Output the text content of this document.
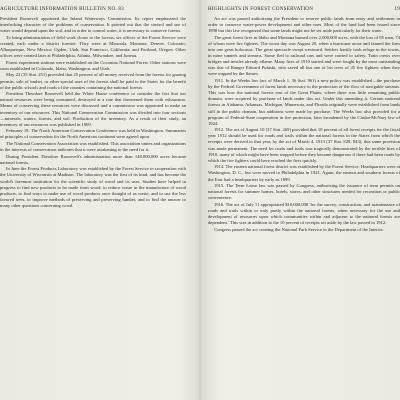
AGRICULTURE INFORMATION BULLETIN NO. 83

President Roosevelt appointed the Inland Waterways Commission. Its report emphasized the interlocking character of the problems of conservation. It pointed out that the control and use of water would depend upon the soil, and in order to control water, it is necessary to conserve forests.

To bring administration of field work closer to the forests, six offices of the Forest Service were created, each under a district forester. They were at Missoula, Montana; Denver, Colorado; Albuquerque, New Mexico; Ogden, Utah; San Francisco, California; and Portland, Oregon. Other offices were created later at Philadelphia, Atlanta, Milwaukee, and Juneau.

Forest experiment stations were established on the Coconino National Forest. Other stations were soon established in Colorado, Idaho, Washington, and Utah.

May 23 (35 Stat. 251) provided that 25 percent of all money received from the forests for grazing permits, sale of timber, or other special uses of the forests shall be paid to the States for the benefit of the public schools and roads of the counties containing the national forests.

President Theodore Roosevelt held the White House conference to consider the fact that our natural resources were being consumed, destroyed at a rate that threatened them with exhaustion. Means of conserving these resources were discussed and a commission was appointed to make an inventory of our resources. This National Conservation Commission was divided into four sections—minerals, waters, forests, and soil. Production of the inventory. As a result of their study, an inventory of our resources was published in 1909.

February 18. The North American Conservation Conference was held in Washington. Summaries of principles of conservation for the North American continent were agreed upon.

The National Conservation Association was established. This association unites and organizations in the interests of conservation indicates that it were awakening to the need for it.

During President Theodore Roosevelt's administration more than 148,000,000 acres became national forests.

In June the Forest Products Laboratory was established by the Forest Service in cooperation with the University of Wisconsin at Madison. The laboratory was the first of its kind, and has become the world's foremost institution for the scientific study of wood and its uses. Studies have helped in progress to find new products to be made from wood, to reduce waste in the manufacture of wood products, to find ways to make use of wood products once thought of as waste, and to use the less favored trees, to improve methods of preserving and preserving lumber, and to find the answer to many other questions concerning wood.

HIGHLIGHTS IN FOREST CONSERVATION	19

An act was passed authorizing the President to reserve public lands from entry and settlement in order to conserve water-power development and other uses. Most of the land had been issued since 1898 but this law recognized that some lands might not be set aside particularly for their water.

The great forest fires in Idaho and Montana burned over 2,000,000 acres, with the loss of 85 men, 74 of whom were fire fighters. The worst day was August 20, when a hurricane arose and fanned the fires into one great holocaust. The great spectacle swept westward. Settlers hastily took refuge in the towns, in mine tunnels and streams. Some fled to railroad cars and were carried to safety. Train crews over bridges and trestles already aflame. Many fires of 1910 started and were fought by the most outstanding was that of Ranger Edward Pulaski, who saved all but one of his crew of 45 fire fighters when they were trapped by the flames.

1911. In the Weeks law (act of March 1, 36 Stat. 961) a new policy was established—the purchase by the Federal Government of forest lands necessary to the protection of the flow of navigable streams. This was how the national forests east of the Great Plains, where there was little remaining public domain, were acquired by purchase of lands under this act. Under this amending it. Certain national forests in Alabama, Arkansas, Michigan, Minnesota, and Florida originally were established from lands still in the public domain, but additions were made by purchase. The Weeks law also provided for a program of Federal-State cooperation in fire protection, later broadened by the Clarke-McNary law of 1924.

1912. The act of August 10 (37 Stat. 269) provided that 10 percent of all forest receipts for the fiscal year 1912 should be used for roads and trails within the national forests in the States from which the receipts were derived in that year, by the act of March 4, 1913 (37 Stat. 828, 843), this same provision was made permanent. The need for roads and trails was tragically demonstrated by the terrible fires of 1910, many of which might have been stopped before they became dangerous if there had been roads by which the fire fighters could have reached the fires quickly.

1914. The eastern national forest district was established by the Forest Service. Headquarters were at Washington, D. C., but were moved to Philadelphia in 1921. Again, the eastern and southern forests of the East had a headquarters by early as 1899.

1915. The Term Lease law was passed by Congress, authorizing the issuance of term permits on national forests for summer homes, hotels, stores, and other structures needed for recreation or public convenience.

1916. The act of July 11 appropriated $10,000,000 'for the survey, construction, and maintenance of roads and trails within or only partly within the national forests, when necessary for the use and development of resources upon which communities within and adjacent to the national forests are dependent.' This was in addition to the 10 percent of receipts set aside by the law passed in 1912.

Congress passed the act creating the National Park Service in the Department of the Interior.
